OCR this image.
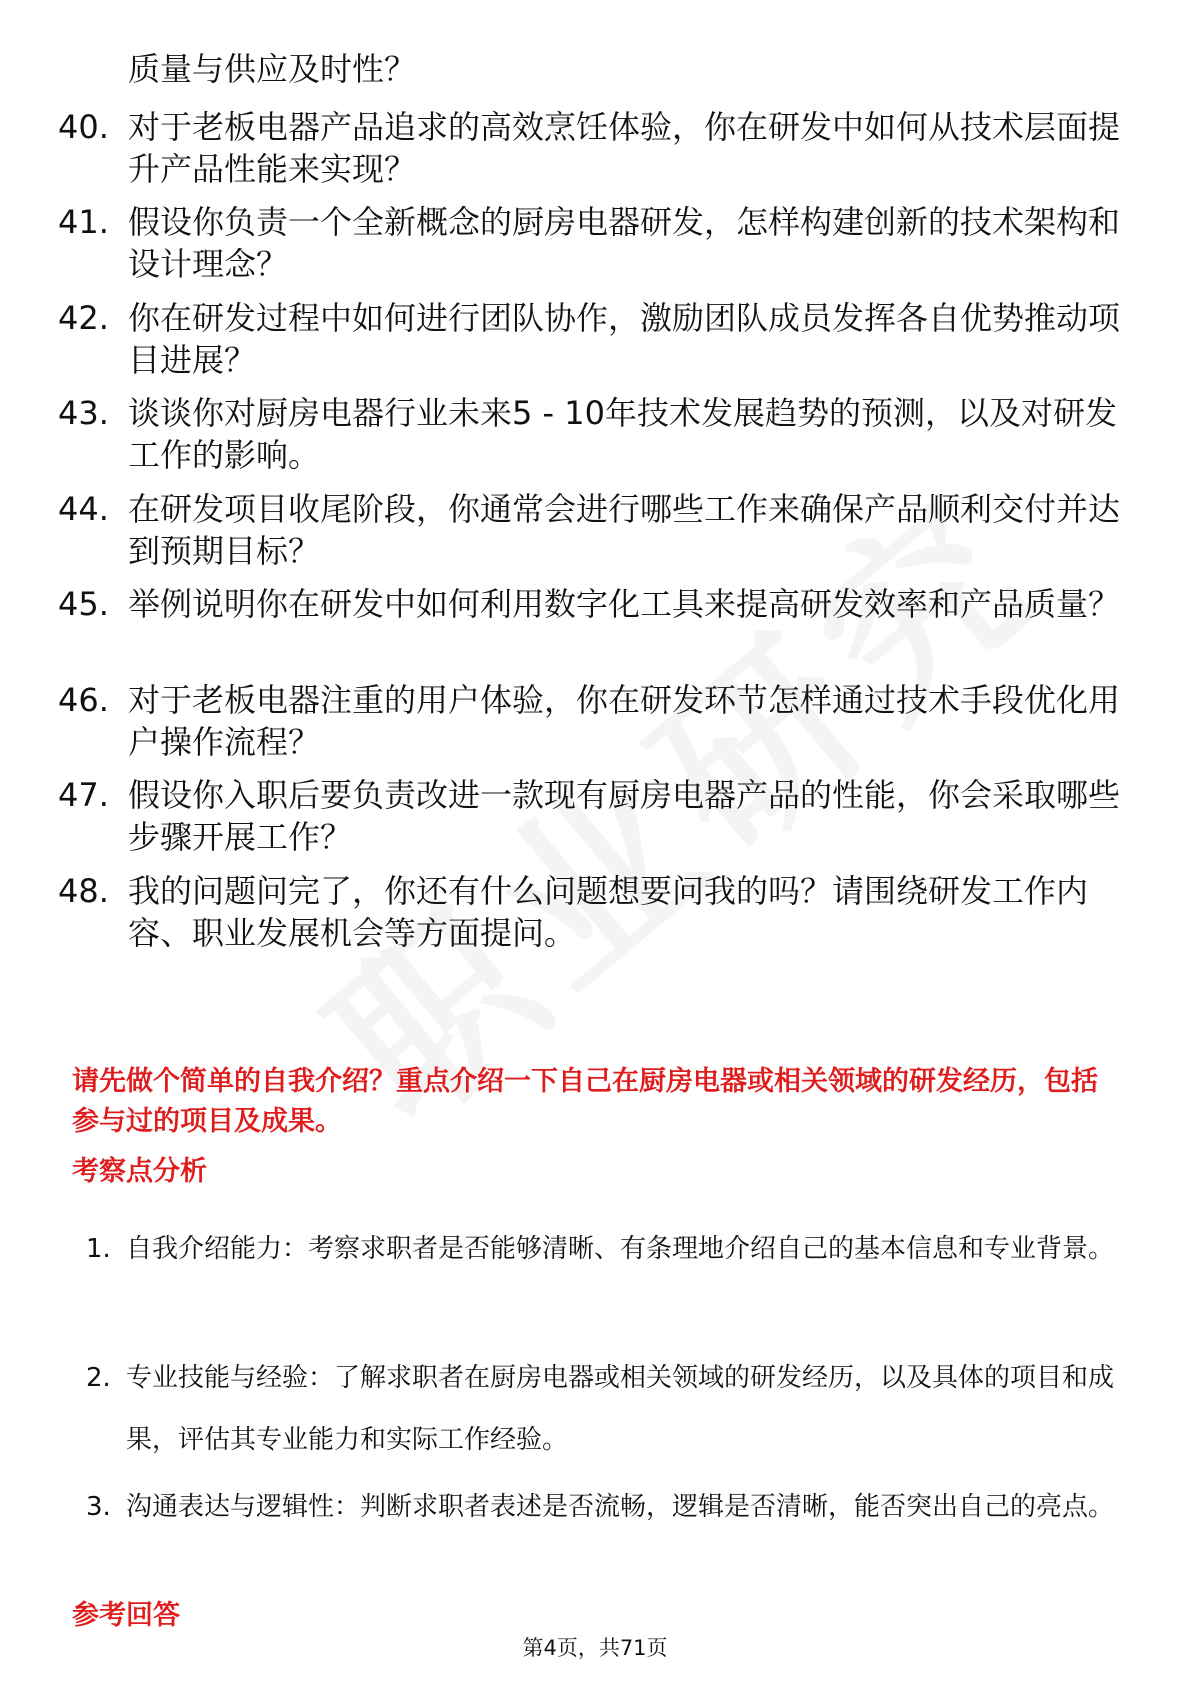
质量与供应及时性？
40. 对于老板电器产品追求的高效烹饪体验，你在研发中如何从技术层面提升产品性能来实现？
41. 假设你负责一个全新概念的厨房电器研发，怎样构建创新的技术架构和设计理念？
42. 你在研发过程中如何进行团队协作，激励团队成员发挥各自优势推动项目进展？
43. 谈谈你对厨房电器行业未来5 - 10年技术发展趋势的预测，以及对研发工作的影响。
44. 在研发项目收尾阶段，你通常会进行哪些工作来确保产品顺利交付并达到预期目标？
45. 举例说明你在研发中如何利用数字化工具来提高研发效率和产品质量？
46. 对于老板电器注重的用户体验，你在研发环节怎样通过技术手段优化用户操作流程？
47. 假设你入职后要负责改进一款现有厨房电器产品的性能，你会采取哪些步骤开展工作？
48. 我的问题问完了，你还有什么问题想要问我的吗？请围绕研发工作内容、职业发展机会等方面提问。
请先做个简单的自我介绍？重点介绍一下自己在厨房电器或相关领域的研发经历，包括参与过的项目及成果。
考察点分析
1. 自我介绍能力：考察求职者是否能够清晰、有条理地介绍自己的基本信息和专业背景。
2. 专业技能与经验：了解求职者在厨房电器或相关领域的研发经历，以及具体的项目和成果，评估其专业能力和实际工作经验。
3. 沟通表达与逻辑性：判断求职者表述是否流畅，逻辑是否清晰，能否突出自己的亮点。
参考回答
第4页，共71页
